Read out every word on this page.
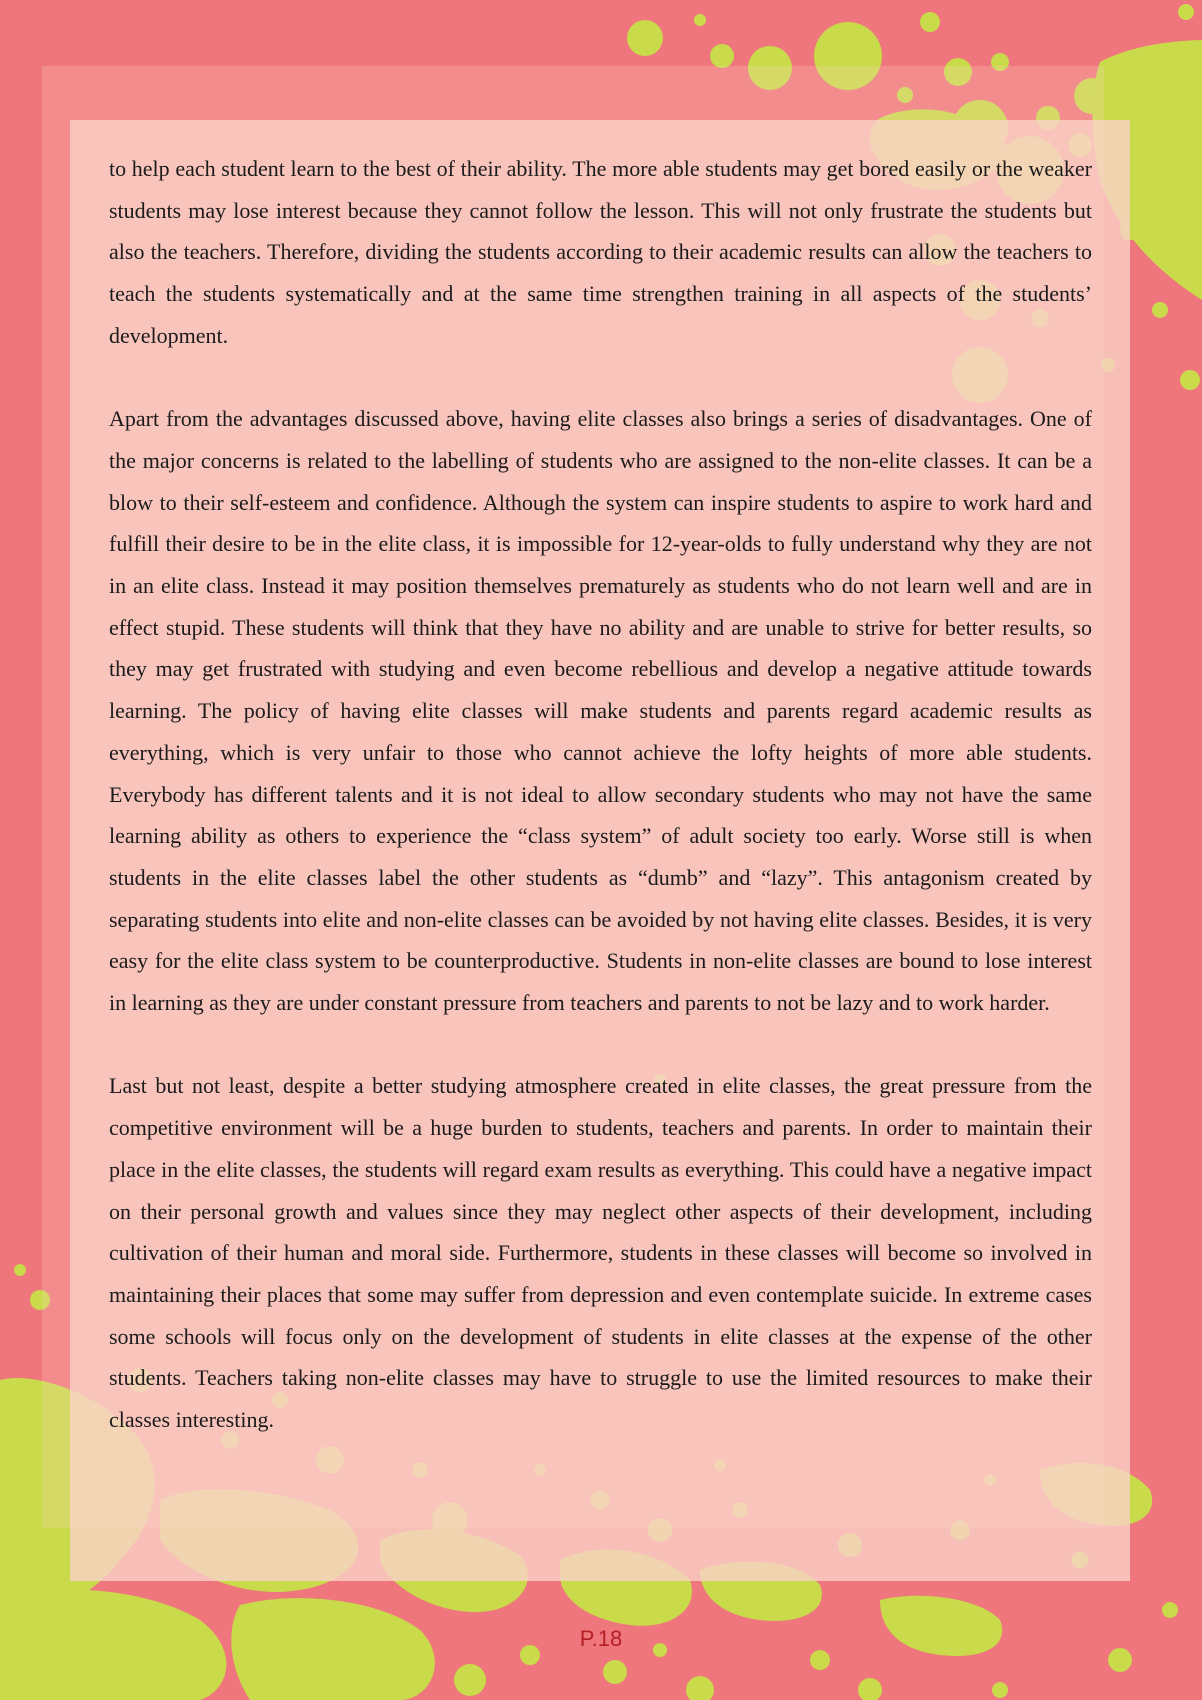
to help each student learn to the best of their ability. The more able students may get bored easily or the weaker students may lose interest because they cannot follow the lesson. This will not only frustrate the students but also the teachers. Therefore, dividing the students according to their academic results can allow the teachers to teach the students systematically and at the same time strengthen training in all aspects of the students’ development.

Apart from the advantages discussed above, having elite classes also brings a series of disadvantages. One of the major concerns is related to the labelling of students who are assigned to the non-elite classes. It can be a blow to their self-esteem and confidence. Although the system can inspire students to aspire to work hard and fulfill their desire to be in the elite class, it is impossible for 12-year-olds to fully understand why they are not in an elite class. Instead it may position themselves prematurely as students who do not learn well and are in effect stupid. These students will think that they have no ability and are unable to strive for better results, so they may get frustrated with studying and even become rebellious and develop a negative attitude towards learning. The policy of having elite classes will make students and parents regard academic results as everything, which is very unfair to those who cannot achieve the lofty heights of more able students. Everybody has different talents and it is not ideal to allow secondary students who may not have the same learning ability as others to experience the “class system” of adult society too early. Worse still is when students in the elite classes label the other students as “dumb” and “lazy”. This antagonism created by separating students into elite and non-elite classes can be avoided by not having elite classes. Besides, it is very easy for the elite class system to be counterproductive. Students in non-elite classes are bound to lose interest in learning as they are under constant pressure from teachers and parents to not be lazy and to work harder.

Last but not least, despite a better studying atmosphere created in elite classes, the great pressure from the competitive environment will be a huge burden to students, teachers and parents. In order to maintain their place in the elite classes, the students will regard exam results as everything. This could have a negative impact on their personal growth and values since they may neglect other aspects of their development, including cultivation of their human and moral side. Furthermore, students in these classes will become so involved in maintaining their places that some may suffer from depression and even contemplate suicide. In extreme cases some schools will focus only on the development of students in elite classes at the expense of the other students. Teachers taking non-elite classes may have to struggle to use the limited resources to make their classes interesting.

P.18
